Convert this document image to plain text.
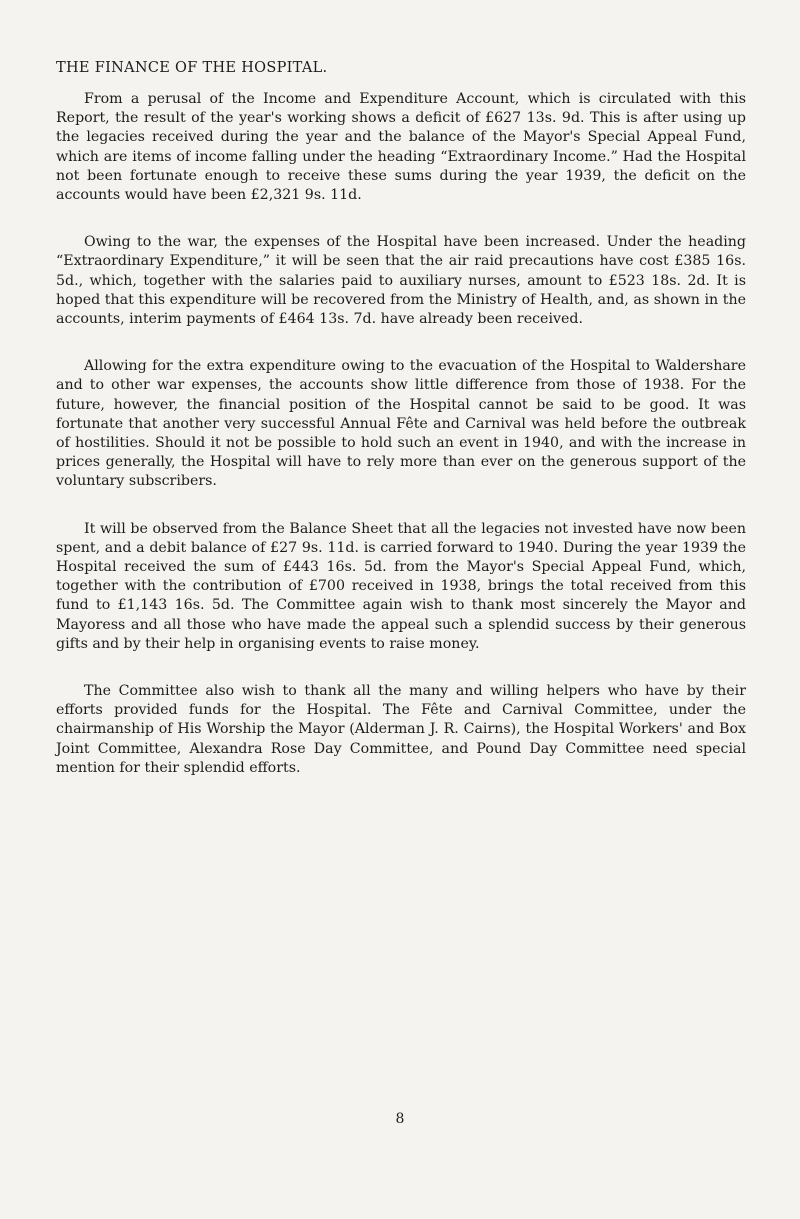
THE FINANCE OF THE HOSPITAL.

From a perusal of the Income and Expenditure Account, which is circulated with this Report, the result of the year's working shows a deficit of £627 13s. 9d. This is after using up the legacies received during the year and the balance of the Mayor's Special Appeal Fund, which are items of income falling under the heading “Extraordinary Income.” Had the Hospital not been fortunate enough to receive these sums during the year 1939, the deficit on the accounts would have been £2,321 9s. 11d.

Owing to the war, the expenses of the Hospital have been increased. Under the heading “Extraordinary Expenditure,” it will be seen that the air raid precautions have cost £385 16s. 5d., which, together with the salaries paid to auxiliary nurses, amount to £523 18s. 2d. It is hoped that this expenditure will be recovered from the Ministry of Health, and, as shown in the accounts, interim payments of £464 13s. 7d. have already been received.

Allowing for the extra expenditure owing to the evacuation of the Hospital to Waldershare and to other war expenses, the accounts show little difference from those of 1938. For the future, however, the financial position of the Hospital cannot be said to be good. It was fortunate that another very successful Annual Fête and Carnival was held before the outbreak of hostilities. Should it not be possible to hold such an event in 1940, and with the increase in prices generally, the Hospital will have to rely more than ever on the generous support of the voluntary subscribers.

It will be observed from the Balance Sheet that all the legacies not invested have now been spent, and a debit balance of £27 9s. 11d. is carried forward to 1940. During the year 1939 the Hospital received the sum of £443 16s. 5d. from the Mayor's Special Appeal Fund, which, together with the contribution of £700 received in 1938, brings the total received from this fund to £1,143 16s. 5d. The Committee again wish to thank most sincerely the Mayor and Mayoress and all those who have made the appeal such a splendid success by their generous gifts and by their help in organising events to raise money.

The Committee also wish to thank all the many and willing helpers who have by their efforts provided funds for the Hospital. The Fête and Carnival Committee, under the chairmanship of His Worship the Mayor (Alderman J. R. Cairns), the Hospital Workers' and Box Joint Committee, Alexandra Rose Day Committee, and Pound Day Committee need special mention for their splendid efforts.

8
